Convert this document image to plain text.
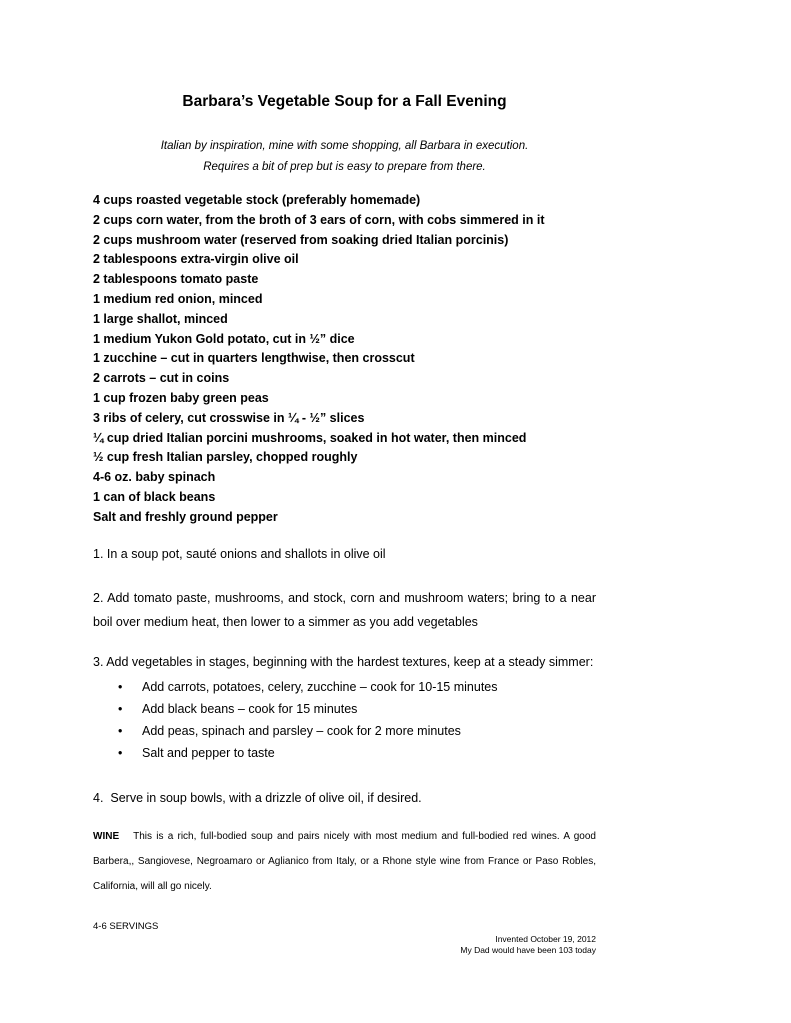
Barbara’s Vegetable Soup for a Fall Evening

Italian by inspiration, mine with some shopping, all Barbara in execution.
Requires a bit of prep but is easy to prepare from there.

4 cups roasted vegetable stock (preferably homemade)
2 cups corn water, from the broth of 3 ears of corn, with cobs simmered in it
2 cups mushroom water (reserved from soaking dried Italian porcinis)
2 tablespoons extra-virgin olive oil
2 tablespoons tomato paste
1 medium red onion, minced
1 large shallot, minced
1 medium Yukon Gold potato, cut in ½” dice
1 zucchine – cut in quarters lengthwise, then crosscut
2 carrots – cut in coins
1 cup frozen baby green peas
3 ribs of celery, cut crosswise in ¼ - ½” slices
¼ cup dried Italian porcini mushrooms, soaked in hot water, then minced
½ cup fresh Italian parsley, chopped roughly
4-6 oz. baby spinach
1 can of black beans
Salt and freshly ground pepper

1. In a soup pot, sauté onions and shallots in olive oil

2. Add tomato paste, mushrooms, and stock, corn and mushroom waters; bring to a near boil over medium heat, then lower to a simmer as you add vegetables

3. Add vegetables in stages, beginning with the hardest textures, keep at a steady simmer:

• Add carrots, potatoes, celery, zucchine – cook for 10-15 minutes
• Add black beans – cook for 15 minutes
• Add peas, spinach and parsley – cook for 2 more minutes
• Salt and pepper to taste

4.  Serve in soup bowls, with a drizzle of olive oil, if desired.

WINE This is a rich, full-bodied soup and pairs nicely with most medium and full-bodied red wines. A good Barbera,, Sangiovese, Negroamaro or Aglianico from Italy, or a Rhone style wine from France or Paso Robles, California, will all go nicely.

4-6 SERVINGS

Invented October 19, 2012
My Dad would have been 103 today
